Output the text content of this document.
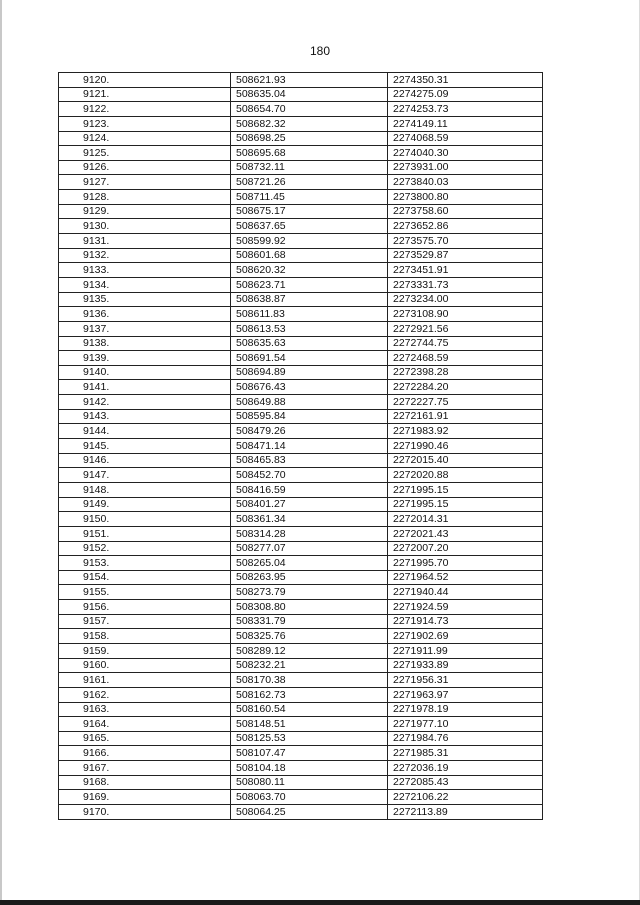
180
9120.	508621.93	2274350.31
9121.	508635.04	2274275.09
9122.	508654.70	2274253.73
9123.	508682.32	2274149.11
9124.	508698.25	2274068.59
9125.	508695.68	2274040.30
9126.	508732.11	2273931.00
9127.	508721.26	2273840.03
9128.	508711.45	2273800.80
9129.	508675.17	2273758.60
9130.	508637.65	2273652.86
9131.	508599.92	2273575.70
9132.	508601.68	2273529.87
9133.	508620.32	2273451.91
9134.	508623.71	2273331.73
9135.	508638.87	2273234.00
9136.	508611.83	2273108.90
9137.	508613.53	2272921.56
9138.	508635.63	2272744.75
9139.	508691.54	2272468.59
9140.	508694.89	2272398.28
9141.	508676.43	2272284.20
9142.	508649.88	2272227.75
9143.	508595.84	2272161.91
9144.	508479.26	2271983.92
9145.	508471.14	2271990.46
9146.	508465.83	2272015.40
9147.	508452.70	2272020.88
9148.	508416.59	2271995.15
9149.	508401.27	2271995.15
9150.	508361.34	2272014.31
9151.	508314.28	2272021.43
9152.	508277.07	2272007.20
9153.	508265.04	2271995.70
9154.	508263.95	2271964.52
9155.	508273.79	2271940.44
9156.	508308.80	2271924.59
9157.	508331.79	2271914.73
9158.	508325.76	2271902.69
9159.	508289.12	2271911.99
9160.	508232.21	2271933.89
9161.	508170.38	2271956.31
9162.	508162.73	2271963.97
9163.	508160.54	2271978.19
9164.	508148.51	2271977.10
9165.	508125.53	2271984.76
9166.	508107.47	2271985.31
9167.	508104.18	2272036.19
9168.	508080.11	2272085.43
9169.	508063.70	2272106.22
9170.	508064.25	2272113.89
